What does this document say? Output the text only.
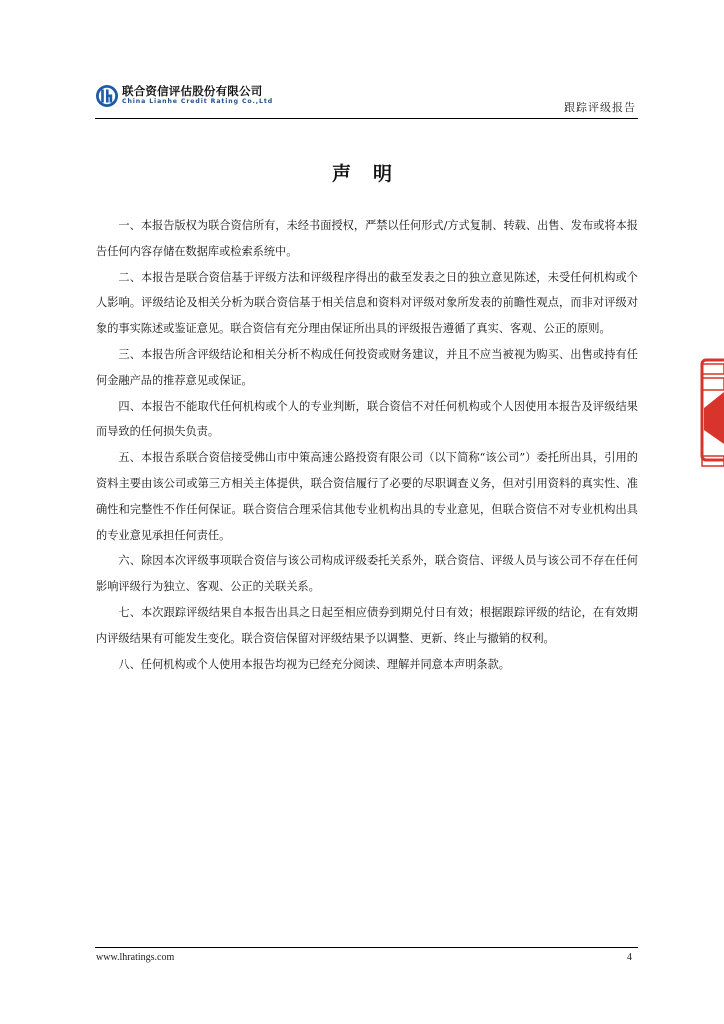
联合资信评估股份有限公司
China Lianhe Credit Rating Co.,Ltd	跟踪评级报告
声明

一、本报告版权为联合资信所有，未经书面授权，严禁以任何形式/方式复制、转载、出售、发布或将本报告任何内容存储在数据库或检索系统中。

二、本报告是联合资信基于评级方法和评级程序得出的截至发表之日的独立意见陈述，未受任何机构或个人影响。评级结论及相关分析为联合资信基于相关信息和资料对评级对象所发表的前瞻性观点，而非对评级对象的事实陈述或鉴证意见。联合资信有充分理由保证所出具的评级报告遵循了真实、客观、公正的原则。

三、本报告所含评级结论和相关分析不构成任何投资或财务建议，并且不应当被视为购买、出售或持有任何金融产品的推荐意见或保证。

四、本报告不能取代任何机构或个人的专业判断，联合资信不对任何机构或个人因使用本报告及评级结果而导致的任何损失负责。

五、本报告系联合资信接受佛山市中策高速公路投资有限公司（以下简称“该公司”）委托所出具，引用的资料主要由该公司或第三方相关主体提供，联合资信履行了必要的尽职调查义务，但对引用资料的真实性、准确性和完整性不作任何保证。联合资信合理采信其他专业机构出具的专业意见，但联合资信不对专业机构出具的专业意见承担任何责任。

六、除因本次评级事项联合资信与该公司构成评级委托关系外，联合资信、评级人员与该公司不存在任何影响评级行为独立、客观、公正的关联关系。

七、本次跟踪评级结果自本报告出具之日起至相应债券到期兑付日有效；根据跟踪评级的结论，在有效期内评级结果有可能发生变化。联合资信保留对评级结果予以调整、更新、终止与撤销的权利。

八、任何机构或个人使用本报告均视为已经充分阅读、理解并同意本声明条款。

www.lhratings.com	4
